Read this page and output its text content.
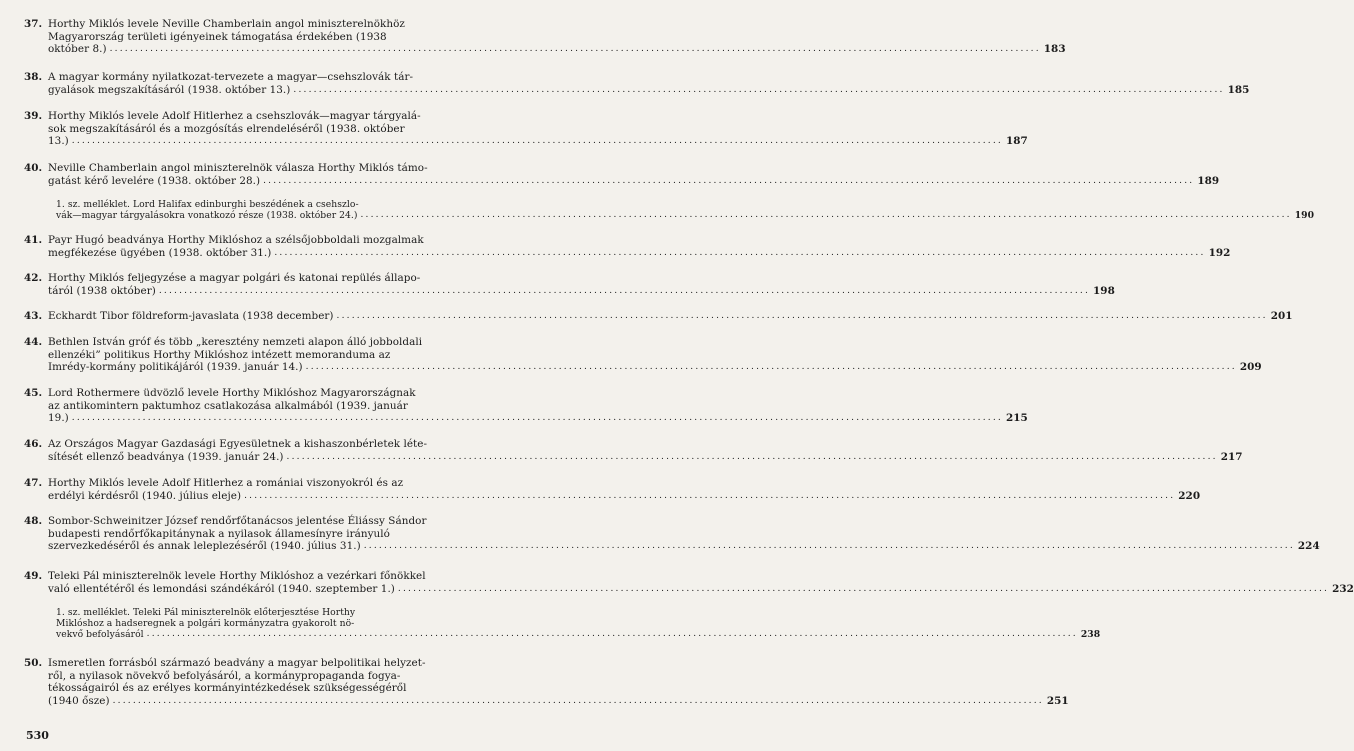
37. Horthy Miklós levele Neville Chamberlain angol miniszterelnökhöz
Magyarország területi igényeinek támogatása érdekében (1938
október 8.) ........................................................................................................................................................................................ 183
38. A magyar kormány nyilatkozat-tervezete a magyar—csehszlovák tár-
gyalások megszakításáról (1938. október 13.) ........................................................................................................................................................................................ 185
39. Horthy Miklós levele Adolf Hitlerhez a csehszlovák—magyar tárgyalá-
sok megszakításáról és a mozgósítás elrendeléséről (1938. október
13.) ........................................................................................................................................................................................ 187
40. Neville Chamberlain angol miniszterelnök válasza Horthy Miklós támo-
gatást kérő levelére (1938. október 28.) ........................................................................................................................................................................................ 189
1. sz. melléklet. Lord Halifax edinburghi beszédének a csehszlo-
vák—magyar tárgyalásokra vonatkozó része (1938. október 24.) ........................................................................................................................................................................................ 190
41. Payr Hugó beadványa Horthy Miklóshoz a szélsőjobboldali mozgalmak
megfékezése ügyében (1938. október 31.) ........................................................................................................................................................................................ 192
42. Horthy Miklós feljegyzése a magyar polgári és katonai repülés állapo-
táról (1938 október) ........................................................................................................................................................................................ 198
43. Eckhardt Tibor földreform-javaslata (1938 december) ........................................................................................................................................................................................ 201
44. Bethlen István gróf és több „keresztény nemzeti alapon álló jobboldali
ellenzéki” politikus Horthy Miklóshoz intézett memoranduma az
Imrédy-kormány politikájáról (1939. január 14.) ........................................................................................................................................................................................ 209
45. Lord Rothermere üdvözlő levele Horthy Miklóshoz Magyarországnak
az antikomintern paktumhoz csatlakozása alkalmából (1939. január
19.) ........................................................................................................................................................................................ 215
46. Az Országos Magyar Gazdasági Egyesületnek a kishaszonbérletek léte-
sítését ellenző beadványa (1939. január 24.) ........................................................................................................................................................................................ 217
47. Horthy Miklós levele Adolf Hitlerhez a romániai viszonyokról és az
erdélyi kérdésről (1940. július eleje) ........................................................................................................................................................................................ 220
48. Sombor-Schweinitzer József rendőrfőtanácsos jelentése Éliássy Sándor
budapesti rendőrfőkapitánynak a nyilasok államesínyre irányuló
szervezkedéséről és annak leleplezéséről (1940. július 31.) ........................................................................................................................................................................................ 224
49. Teleki Pál miniszterelnök levele Horthy Miklóshoz a vezérkari főnökkel
való ellentétéről és lemondási szándékáról (1940. szeptember 1.) ........................................................................................................................................................................................ 232
1. sz. melléklet. Teleki Pál miniszterelnök előterjesztése Horthy
Miklóshoz a hadseregnek a polgári kormányzatra gyakorolt nö-
vekvő befolyásáról ........................................................................................................................................................................................ 238
50. Ismeretlen forrásból származó beadvány a magyar belpolitikai helyzet-
ről, a nyilasok növekvő befolyásáról, a kormánypropaganda fogya-
tékosságairól és az erélyes kormányintézkedések szükségességéről
(1940 ősze) ........................................................................................................................................................................................ 251
530
